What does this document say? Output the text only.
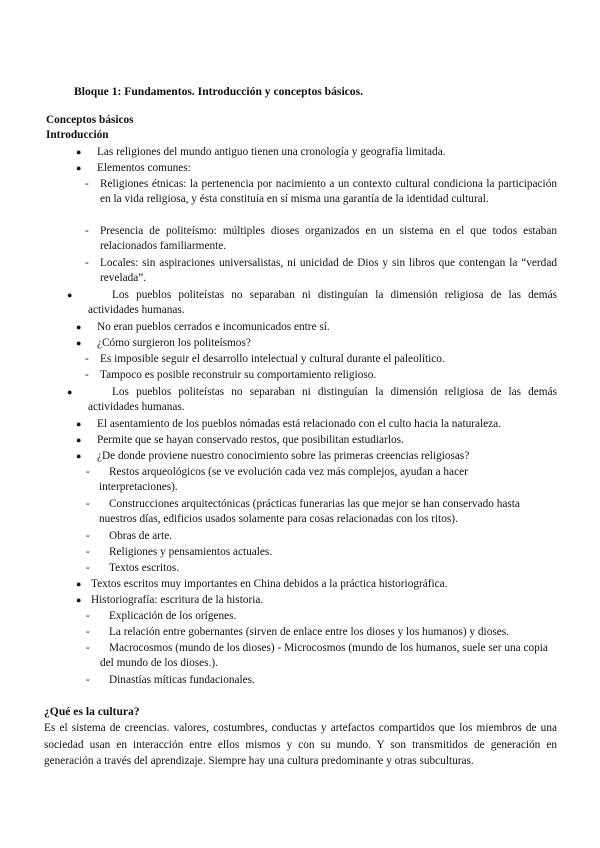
Bloque 1: Fundamentos. Introducción y conceptos básicos.
Conceptos básicos
Introducción
● Las religiones del mundo antiguo tienen una cronología y geografía limitada.
● Elementos comunes:
- Religiones étnicas: la pertenencia por nacimiento a un contexto cultural condiciona la participación en la vida religiosa, y ésta constituía en sí misma una garantía de la identidad cultural.
- Presencia de politeísmo: múltiples dioses organizados en un sistema en el que todos estaban relacionados familiarmente.
- Locales: sin aspiraciones universalistas, ni unicidad de Dios y sin libros que contengan la “verdad revelada”.
●	Los pueblos politeístas no separaban ni distinguían la dimensión religiosa de las demás actividades humanas.
● No eran pueblos cerrados e incomunicados entre sí.
● ¿Cómo surgieron los politeísmos?
- Es imposible seguir el desarrollo intelectual y cultural durante el paleolítico.
- Tampoco es posible reconstruir su comportamiento religioso.
●	Los pueblos politeístas no separaban ni distinguían la dimensión religiosa de las demás actividades humanas.
● El asentamiento de los pueblos nómadas está relacionado con el culto hacia la naturaleza.
● Permite que se hayan conservado restos, que posibilitan estudiarlos.
● ¿De donde proviene nuestro conocimiento sobre las primeras creencias religiosas?
- Restos arqueológicos (se ve evolución cada vez más complejos, ayudan a hacer interpretaciones).
- Construcciones arquitectónicas (prácticas funerarias las que mejor se han conservado hasta nuestros días, edificios usados solamente para cosas relacionadas con los ritos).
- Obras de arte.
- Religiones y pensamientos actuales.
- Textos escritos.
● Textos escritos muy importantes en China debidos a la práctica historiográfica.
● Historiografía: escritura de la historia.
- Explicación de los orígenes.
- La relación entre gobernantes (sirven de enlace entre los dioses y los humanos) y dioses.
- Macrocosmos (mundo de los dioses) - Microcosmos (mundo de los humanos, suele ser una copia del mundo de los dioses.).
- Dinastías míticas fundacionales.
¿Qué es la cultura?

Es el sistema de creencias. valores, costumbres, conductas y artefactos compartidos que los miembros de una sociedad usan en interacción entre ellos mismos y con su mundo. Y son transmitidos de generación en generación a través del aprendizaje. Siempre hay una cultura predominante y otras subculturas.
